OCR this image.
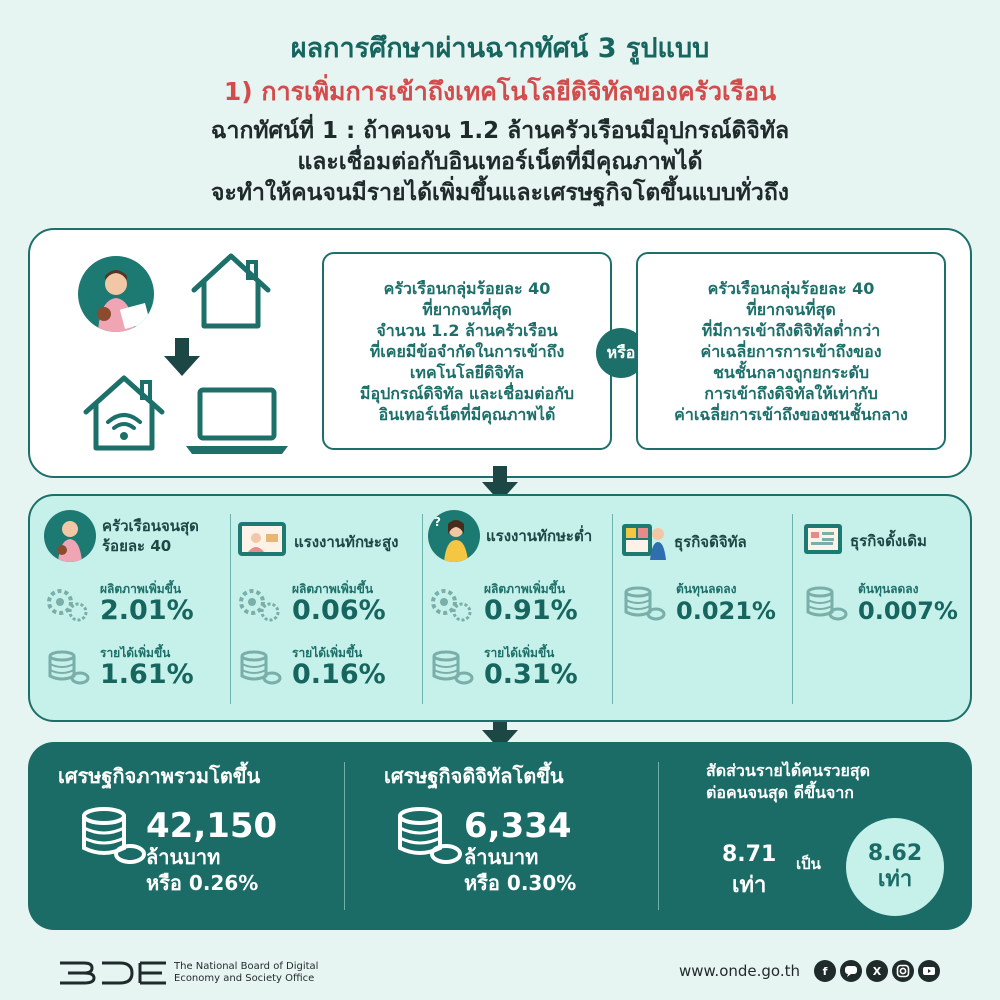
ผลการศึกษาผ่านฉากทัศน์ 3 รูปแบบ
1) การเพิ่มการเข้าถึงเทคโนโลยีดิจิทัลของครัวเรือน
ฉากทัศน์ที่ 1 : ถ้าคนจน 1.2 ล้านครัวเรือนมีอุปกรณ์ดิจิทัล
และเชื่อมต่อกับอินเทอร์เน็ตที่มีคุณภาพได้
จะทำให้คนจนมีรายได้เพิ่มขึ้นและเศรษฐกิจโตขึ้นแบบทั่วถึง
ครัวเรือนกลุ่มร้อยละ 40
ที่ยากจนที่สุด
จำนวน 1.2 ล้านครัวเรือน
ที่เคยมีข้อจำกัดในการเข้าถึง
เทคโนโลยีดิจิทัล
มีอุปกรณ์ดิจิทัล และเชื่อมต่อกับ
อินเทอร์เน็ตที่มีคุณภาพได้
หรือ
ครัวเรือนกลุ่มร้อยละ 40
ที่ยากจนที่สุด
ที่มีการเข้าถึงดิจิทัลต่ำกว่า
ค่าเฉลี่ยการการเข้าถึงของ
ชนชั้นกลางถูกยกระดับ
การเข้าถึงดิจิทัลให้เท่ากับ
ค่าเฉลี่ยการเข้าถึงของชนชั้นกลาง
ครัวเรือนจนสุด ร้อยละ 40
ผลิตภาพเพิ่มขึ้น
2.01%
รายได้เพิ่มขึ้น
1.61%
แรงงานทักษะสูง
ผลิตภาพเพิ่มขึ้น
0.06%
รายได้เพิ่มขึ้น
0.16%
?
แรงงานทักษะต่ำ
ผลิตภาพเพิ่มขึ้น
0.91%
รายได้เพิ่มขึ้น
0.31%
ธุรกิจดิจิทัล
ต้นทุนลดลง
0.021%
ธุรกิจดั้งเดิม
ต้นทุนลดลง
0.007%
เศรษฐกิจภาพรวมโตขึ้น
42,150
ล้านบาท
หรือ 0.26%
เศรษฐกิจดิจิทัลโตขึ้น
6,334
ล้านบาท
หรือ 0.30%
สัดส่วนรายได้คนรวยสุด
ต่อคนจนสุด ดีขึ้นจาก
8.71
เท่า
เป็น 8.62
เท่า
The National Board of Digital
Economy and Society Office	www.onde.go.th	f	X
